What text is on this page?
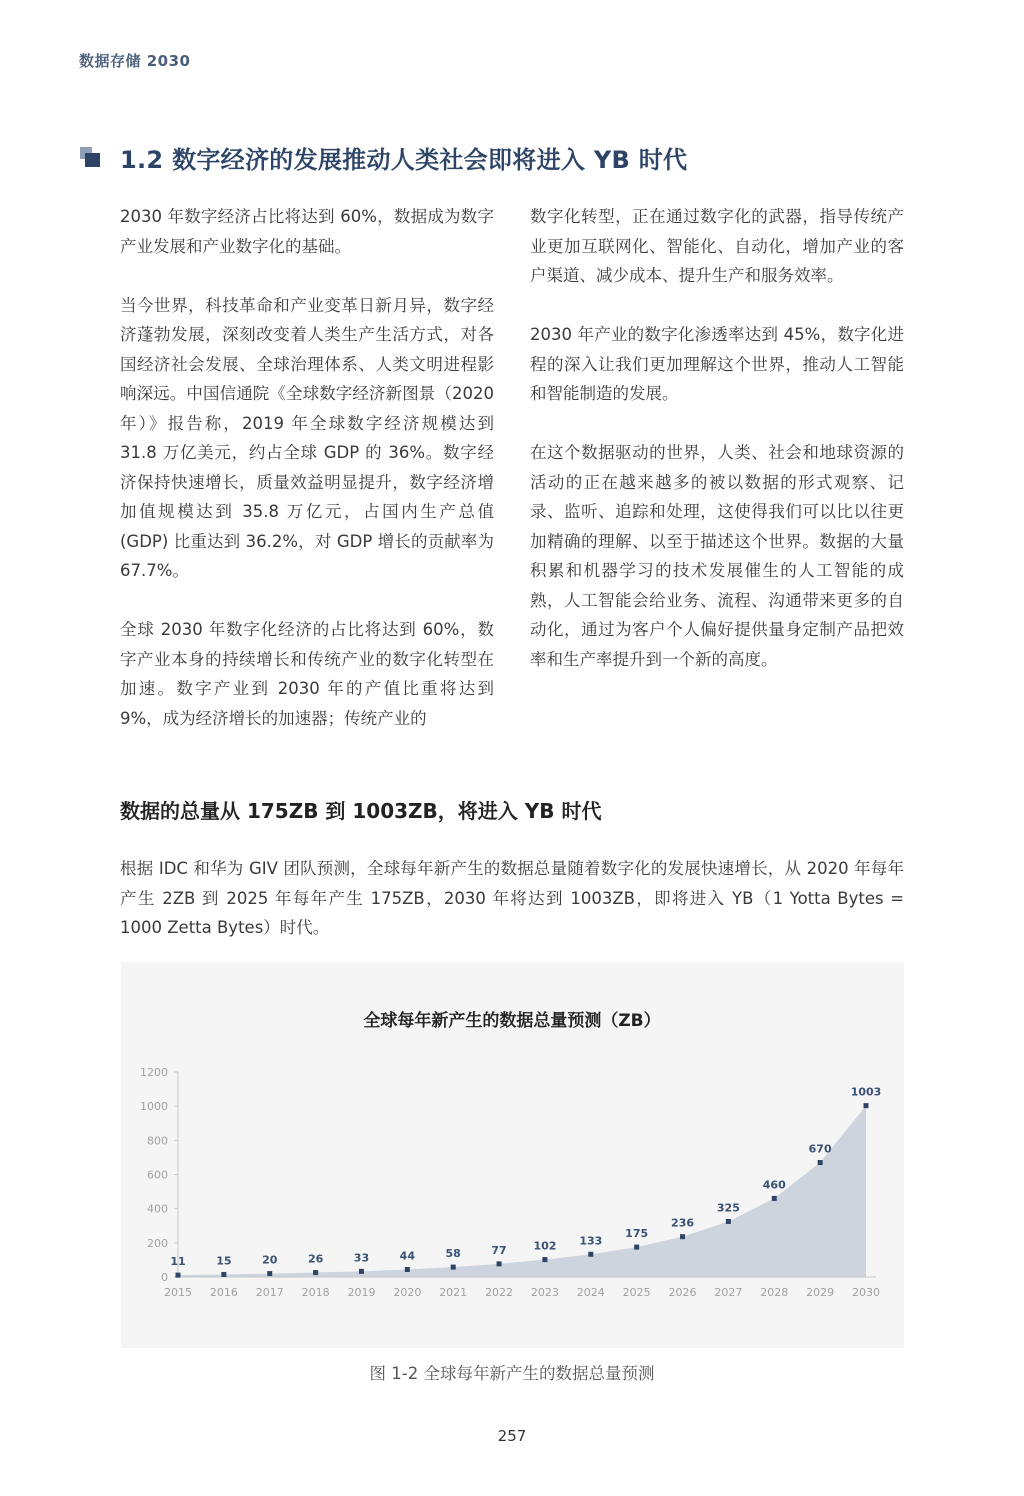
数据存储 2030
1.2 数字经济的发展推动人类社会即将进入 YB 时代

2030 年数字经济占比将达到 60%，数据成为数字产业发展和产业数字化的基础。

当今世界，科技革命和产业变革日新月异，数字经济蓬勃发展，深刻改变着人类生产生活方式，对各国经济社会发展、全球治理体系、人类文明进程影响深远。中国信通院《全球数字经济新图景（2020 年）》报告称，2019 年全球数字经济规模达到 31.8 万亿美元，约占全球 GDP 的 36%。数字经济保持快速增长，质量效益明显提升，数字经济增加值规模达到 35.8 万亿元，占国内生产总值 (GDP) 比重达到 36.2%，对 GDP 增长的贡献率为 67.7%。

全球 2030 年数字化经济的占比将达到 60%，数字产业本身的持续增长和传统产业的数字化转型在加速。数字产业到 2030 年的产值比重将达到 9%，成为经济增长的加速器；传统产业的

数字化转型，正在通过数字化的武器，指导传统产业更加互联网化、智能化、自动化，增加产业的客户渠道、减少成本、提升生产和服务效率。

2030 年产业的数字化渗透率达到 45%，数字化进程的深入让我们更加理解这个世界，推动人工智能和智能制造的发展。

在这个数据驱动的世界，人类、社会和地球资源的活动的正在越来越多的被以数据的形式观察、记录、监听、追踪和处理，这使得我们可以比以往更加精确的理解、以至于描述这个世界。数据的大量积累和机器学习的技术发展催生的人工智能的成熟，人工智能会给业务、流程、沟通带来更多的自动化，通过为客户个人偏好提供量身定制产品把效率和生产率提升到一个新的高度。

数据的总量从 175ZB 到 1003ZB，将进入 YB 时代

根据 IDC 和华为 GIV 团队预测，全球每年新产生的数据总量随着数字化的发展快速增长，从 2020 年每年产生 2ZB 到 2025 年每年产生 175ZB，2030 年将达到 1003ZB，即将进入 YB（1 Yotta Bytes = 1000 Zetta Bytes）时代。

全球每年新产生的数据总量预测（ZB）
0
200
400
600
800
1000
1200
2015 2016 2017 2018 2019 2020 2021 2022 2023 2024 2025 2026 2027 2028 2029 2030
11	15	20	26	33	44	58	77 102 133
175
236
325
460
670
1003
图 1-2 全球每年新产生的数据总量预测
257
